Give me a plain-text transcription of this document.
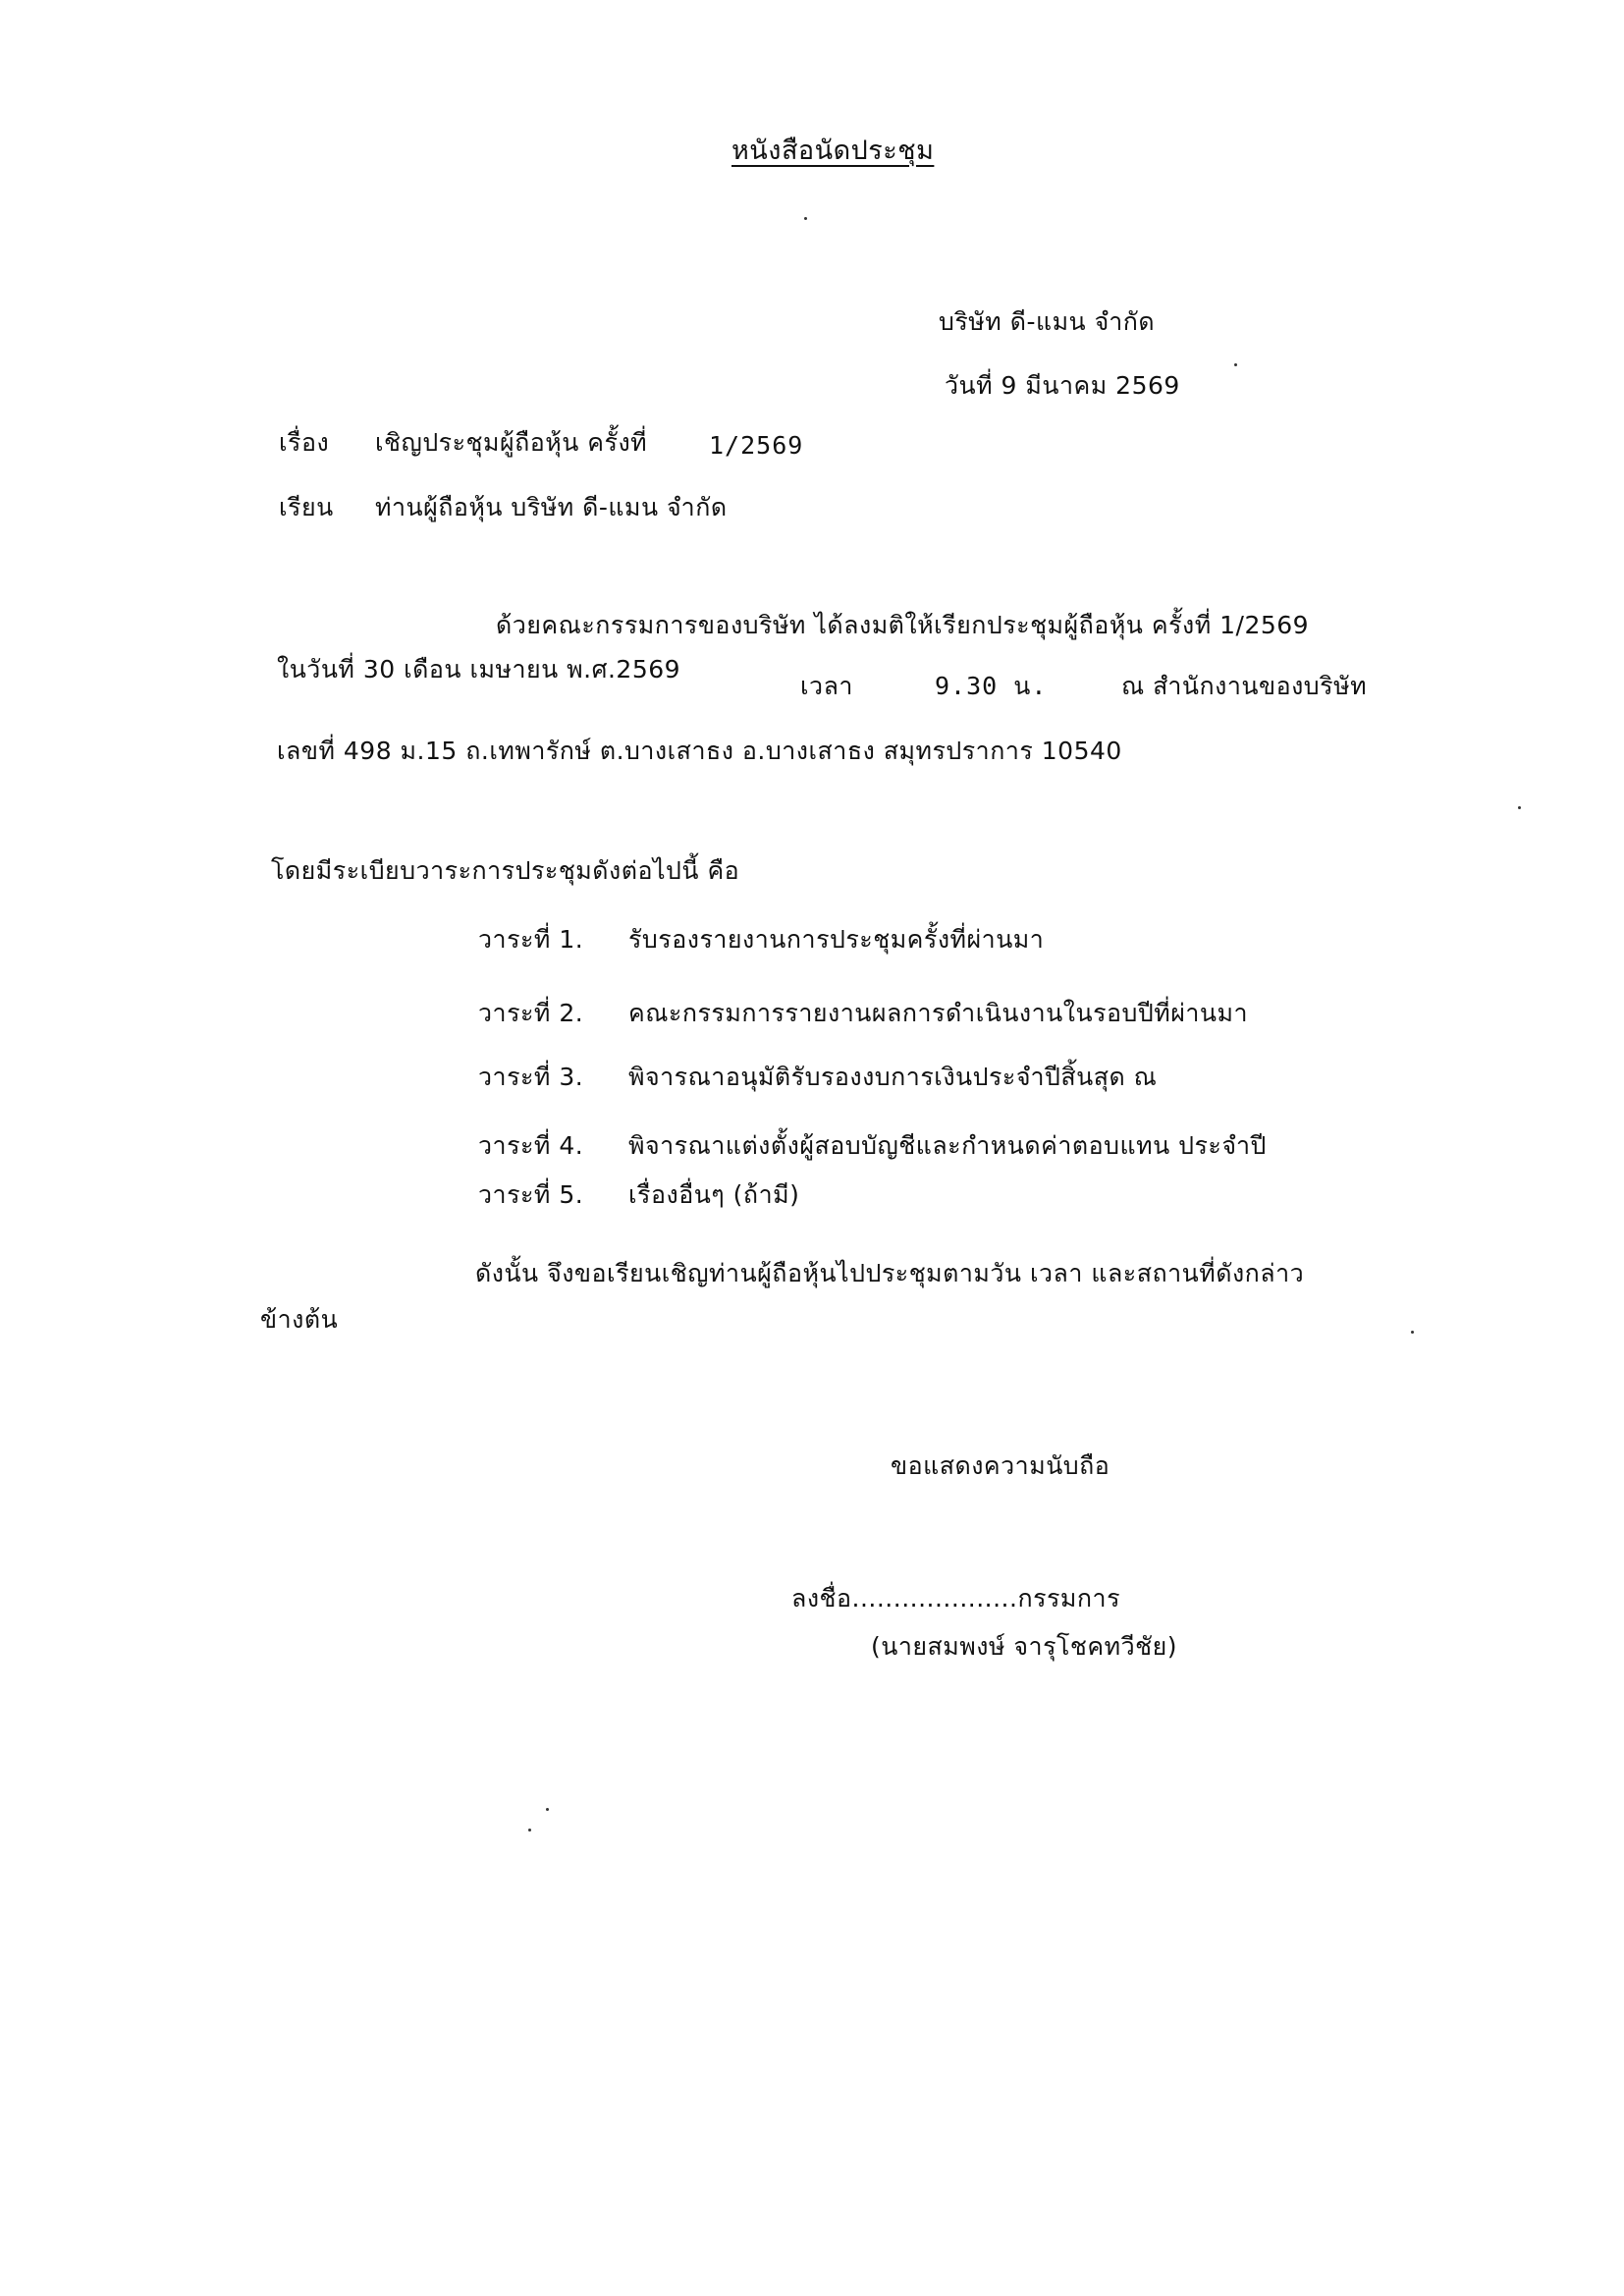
หนังสือนัดประชุม
บริษัท ดี-แมน จำกัด
วันที่ 9 มีนาคม 2569
เรื่อง เชิญประชุมผู้ถือหุ้น ครั้งที่	1/2569
เรียน ท่านผู้ถือหุ้น บริษัท ดี-แมน จำกัด
ด้วยคณะกรรมการของบริษัท ได้ลงมติให้เรียกประชุมผู้ถือหุ้น ครั้งที่ 1/2569
ในวันที่ 30 เดือน เมษายน พ.ศ.2569
เวลา	9.30 น.	ณ สำนักงานของบริษัท
เลขที่ 498 ม.15 ถ.เทพารักษ์ ต.บางเสาธง อ.บางเสาธง สมุทรปราการ 10540
โดยมีระเบียบวาระการประชุมดังต่อไปนี้ คือ
วาระที่ 1. รับรองรายงานการประชุมครั้งที่ผ่านมา
วาระที่ 2. คณะกรรมการรายงานผลการดำเนินงานในรอบปีที่ผ่านมา
วาระที่ 3. พิจารณาอนุมัติรับรองงบการเงินประจำปีสิ้นสุด ณ
วาระที่ 4. พิจารณาแต่งตั้งผู้สอบบัญชีและกำหนดค่าตอบแทน ประจำปี
วาระที่ 5. เรื่องอื่นๆ (ถ้ามี)
ดังนั้น จึงขอเรียนเชิญท่านผู้ถือหุ้นไปประชุมตามวัน เวลา และสถานที่ดังกล่าว
ข้างต้น
ขอแสดงความนับถือ
ลงชื่อ....................กรรมการ
(นายสมพงษ์ จารุโชคทวีชัย)
